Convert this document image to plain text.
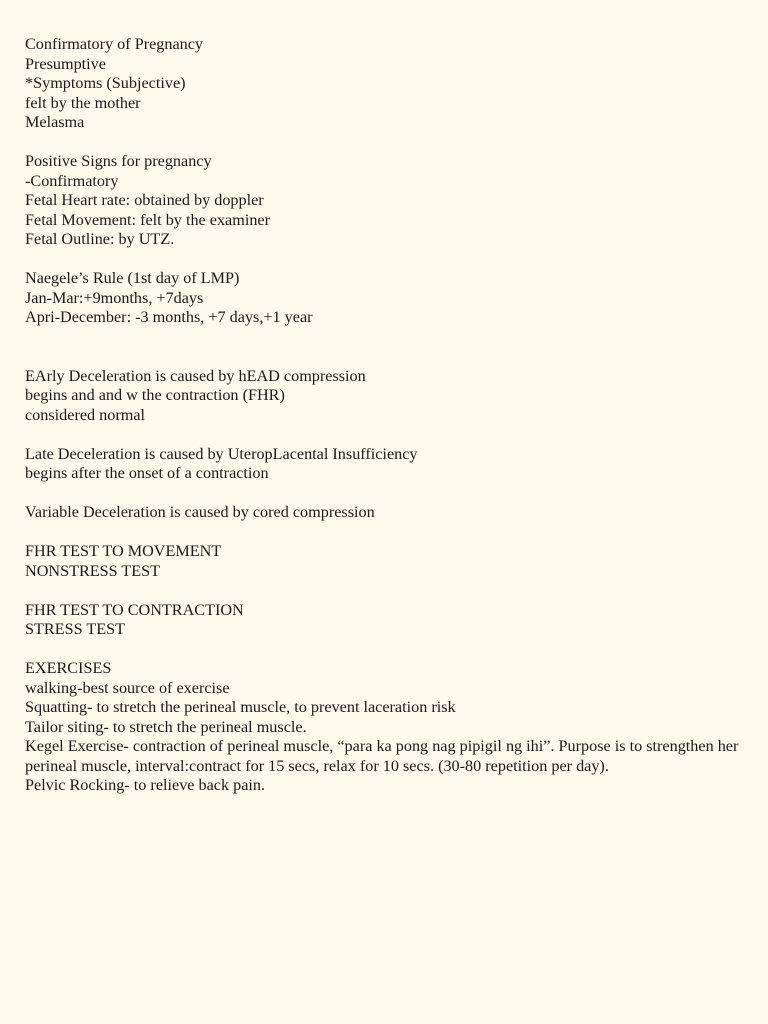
Confirmatory of Pregnancy
Presumptive
*Symptoms (Subjective)
felt by the mother
Melasma
Positive Signs for pregnancy
-Confirmatory
Fetal Heart rate: obtained by doppler
Fetal Movement: felt by the examiner
Fetal Outline: by UTZ.
Naegele’s Rule (1st day of LMP)
Jan-Mar:+9months, +7days
Apri-December: -3 months, +7 days,+1 year
EArly Deceleration is caused by hEAD compression
begins and and w the contraction (FHR)
considered normal
Late Deceleration is caused by UteropLacental Insufficiency
begins after the onset of a contraction
Variable Deceleration is caused by cored compression
FHR TEST TO MOVEMENT
NONSTRESS TEST
FHR TEST TO CONTRACTION
STRESS TEST
EXERCISES
walking-best source of exercise
Squatting- to stretch the perineal muscle, to prevent laceration risk
Tailor siting- to stretch the perineal muscle.
Kegel Exercise- contraction of perineal muscle, “para ka pong nag pipigil ng ihi”. Purpose is to strengthen her perineal muscle, interval:contract for 15 secs, relax for 10 secs. (30-80 repetition per day).
Pelvic Rocking- to relieve back pain.
